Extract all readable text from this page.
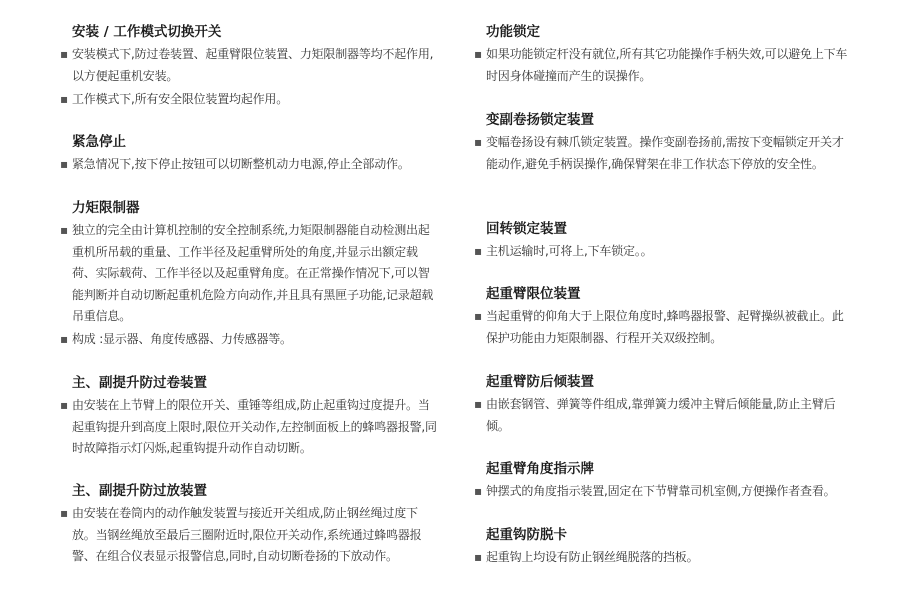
安装 / 工作模式切换开关
▪ 安装模式下,防过卷装置、起重臂限位装置、力矩限制器等均不起作用,以方便起重机安装。
▪ 工作模式下,所有安全限位装置均起作用。
紧急停止
▪ 紧急情况下,按下停止按钮可以切断整机动力电源,停止全部动作。
力矩限制器
▪ 独立的完全由计算机控制的安全控制系统,力矩限制器能自动检测出起重机所吊载的重量、工作半径及起重臂所处的角度,并显示出额定载荷、实际载荷、工作半径以及起重臂角度。在正常操作情况下,可以智能判断并自动切断起重机危险方向动作,并且具有黑匣子功能,记录超载吊重信息。
▪ 构成 :显示器、角度传感器、力传感器等。
主、副提升防过卷装置
▪ 由安装在上节臂上的限位开关、重锤等组成,防止起重钩过度提升。当起重钩提升到高度上限时,限位开关动作,左控制面板上的蜂鸣器报警,同时故障指示灯闪烁,起重钩提升动作自动切断。
主、副提升防过放装置
▪ 由安装在卷筒内的动作触发装置与接近开关组成,防止钢丝绳过度下放。当钢丝绳放至最后三圈附近时,限位开关动作,系统通过蜂鸣器报警、在组合仪表显示报警信息,同时,自动切断卷扬的下放动作。
功能锁定
▪ 如果功能锁定杆没有就位,所有其它功能操作手柄失效,可以避免上下车时因身体碰撞而产生的误操作。
变副卷扬锁定装置
▪ 变幅卷扬设有棘爪锁定装置。操作变副卷扬前,需按下变幅锁定开关才能动作,避免手柄误操作,确保臂架在非工作状态下停放的安全性。
回转锁定装置
▪ 主机运输时,可将上,下车锁定。。
起重臂限位装置
▪ 当起重臂的仰角大于上限位角度时,蜂鸣器报警、起臂操纵被截止。此保护功能由力矩限制器、行程开关双级控制。
起重臂防后倾装置
▪ 由嵌套钢管、弹簧等件组成,靠弹簧力缓冲主臂后倾能量,防止主臂后倾。
起重臂角度指示牌
▪ 钟摆式的角度指示装置,固定在下节臂靠司机室侧,方便操作者查看。
起重钩防脱卡
▪ 起重钩上均设有防止钢丝绳脱落的挡板。
